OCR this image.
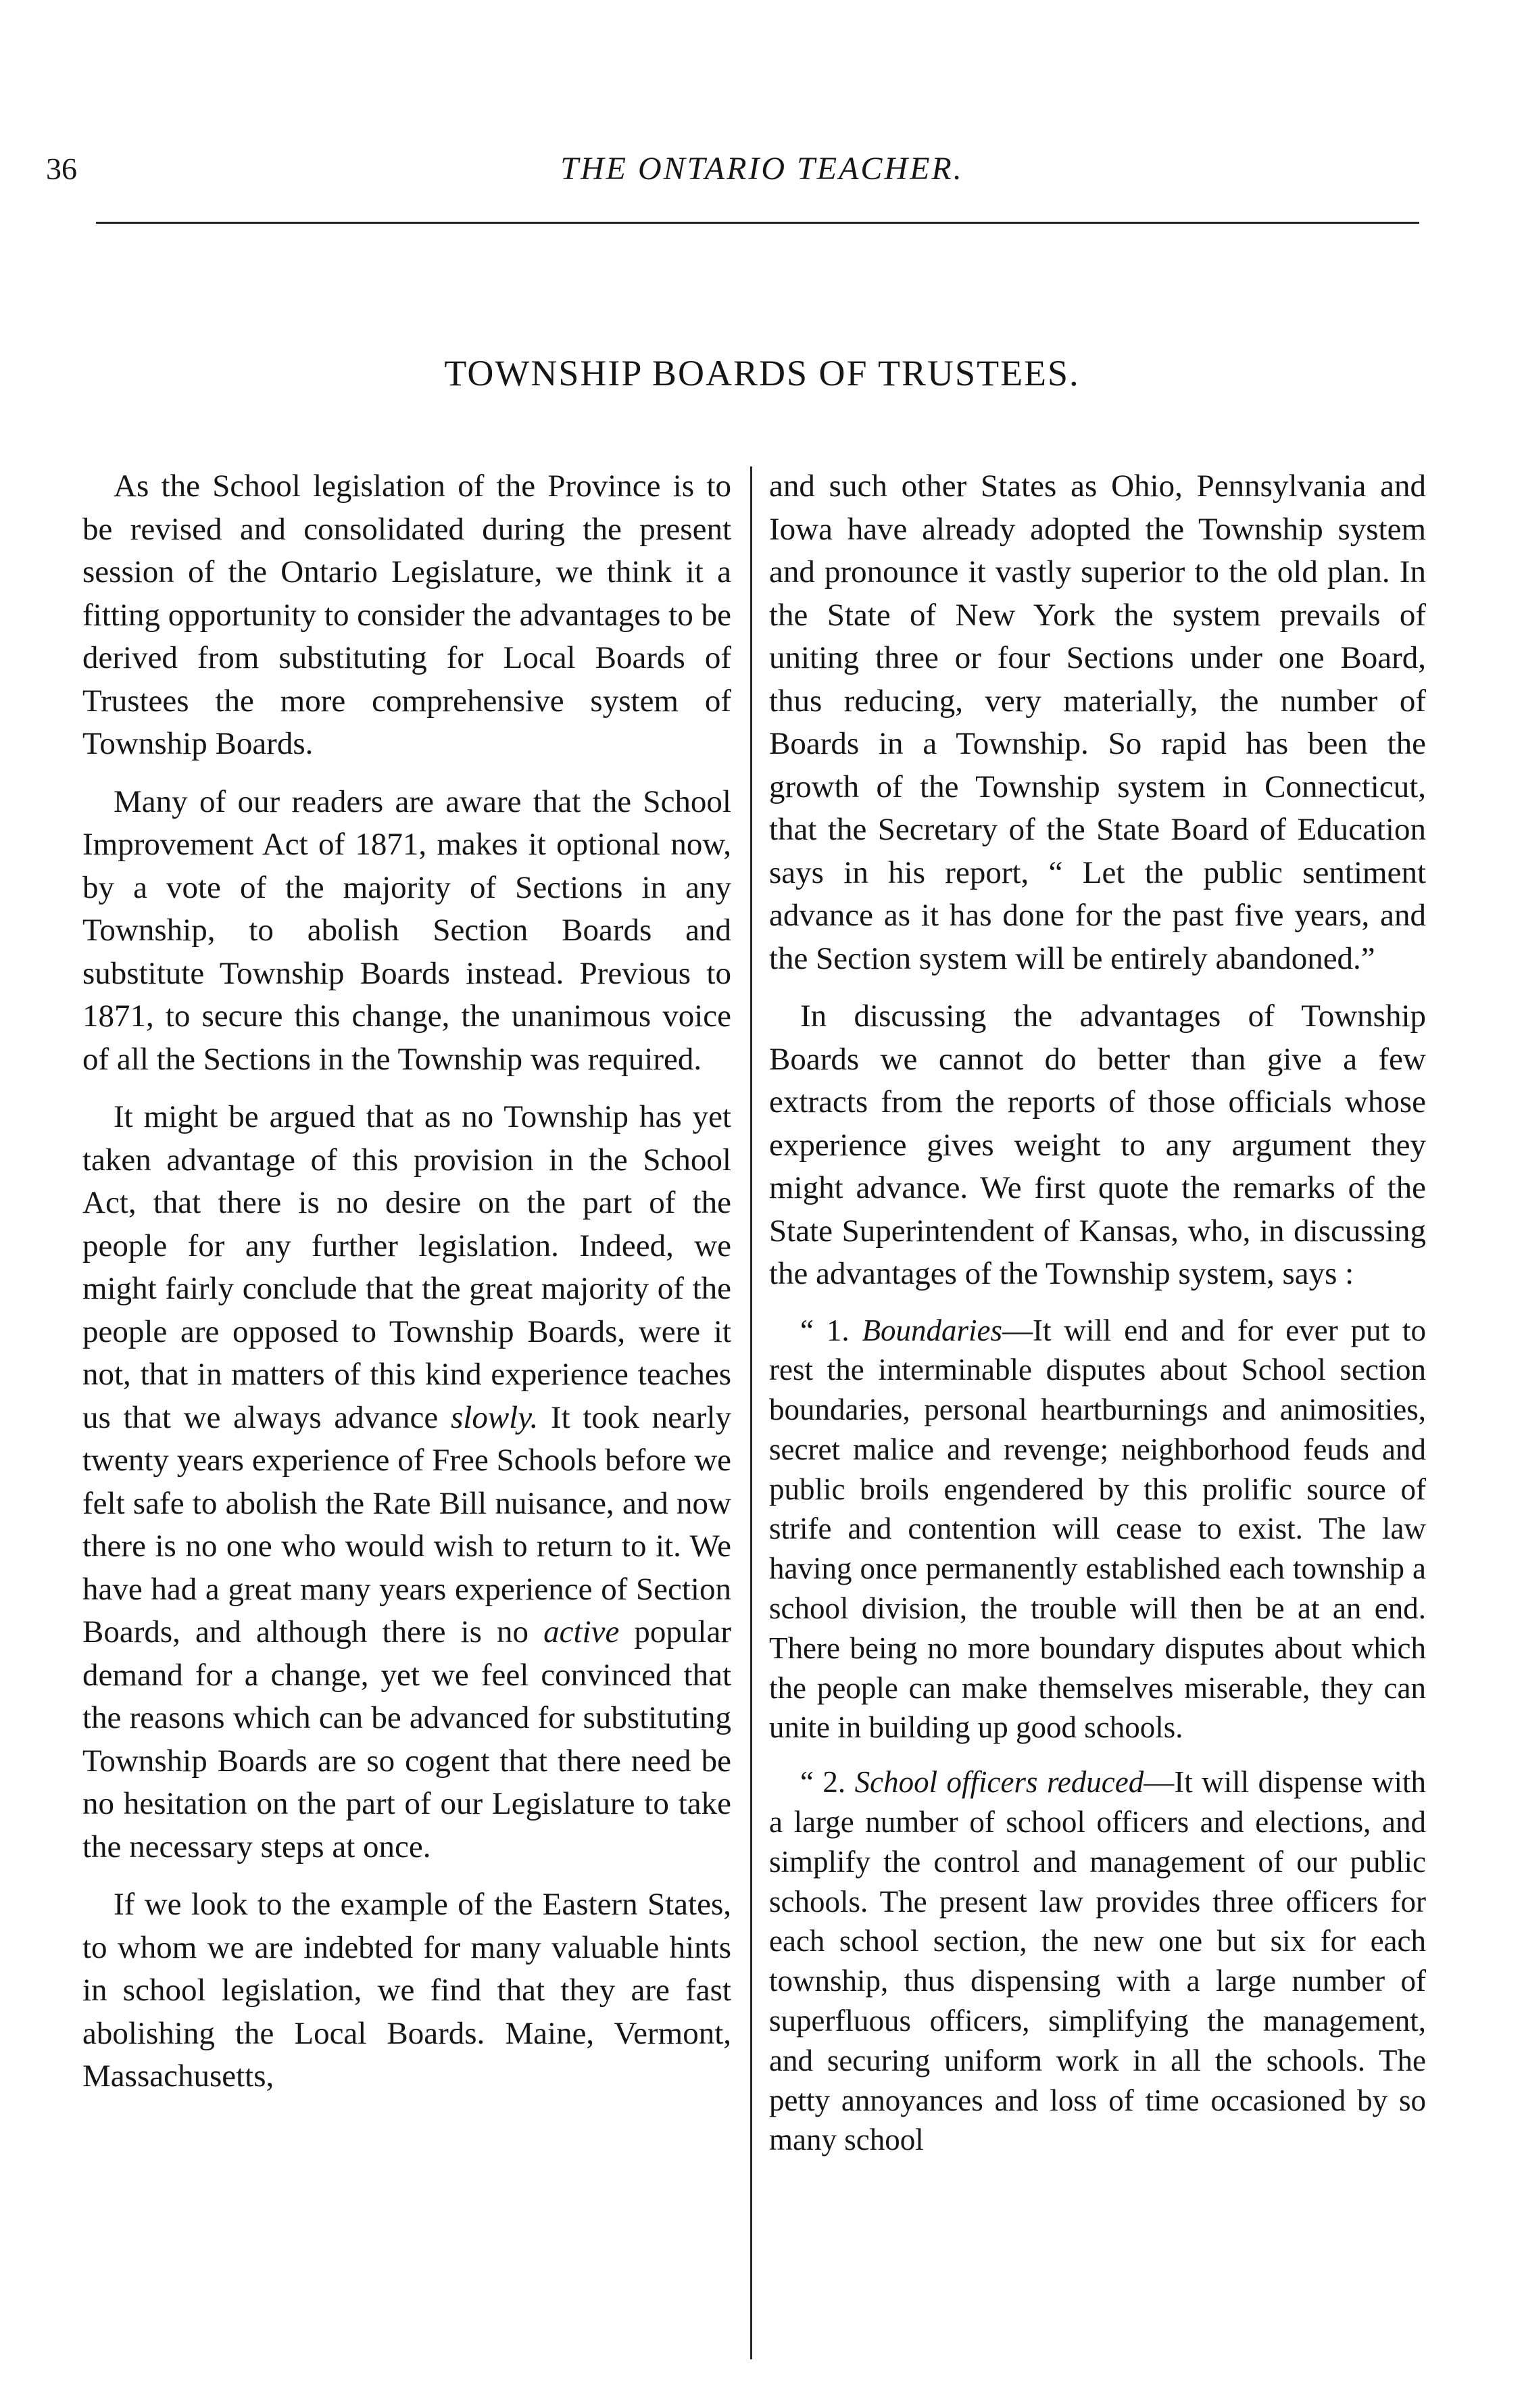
36	THE ONTARIO TEACHER.
TOWNSHIP BOARDS OF TRUSTEES.

As the School legislation of the Province is to be revised and consolidated during the present session of the Ontario Legislature, we think it a fitting opportunity to consider the advantages to be derived from substituting for Local Boards of Trustees the more comprehensive system of Township Boards.

Many of our readers are aware that the School Improvement Act of 1871, makes it optional now, by a vote of the majority of Sections in any Township, to abolish Section Boards and substitute Township Boards instead. Previous to 1871, to secure this change, the unanimous voice of all the Sections in the Township was required.

It might be argued that as no Township has yet taken advantage of this provision in the School Act, that there is no desire on the part of the people for any further legislation. Indeed, we might fairly conclude that the great majority of the people are opposed to Township Boards, were it not, that in matters of this kind experience teaches us that we always advance slowly. It took nearly twenty years experience of Free Schools before we felt safe to abolish the Rate Bill nuisance, and now there is no one who would wish to return to it. We have had a great many years experience of Section Boards, and although there is no active popular demand for a change, yet we feel convinced that the reasons which can be advanced for substituting Township Boards are so cogent that there need be no hesitation on the part of our Legislature to take the necessary steps at once.

If we look to the example of the Eastern States, to whom we are indebted for many valuable hints in school legislation, we find that they are fast abolishing the Local Boards. Maine, Vermont, Massachusetts,

and such other States as Ohio, Pennsylvania and Iowa have already adopted the Township system and pronounce it vastly superior to the old plan. In the State of New York the system prevails of uniting three or four Sections under one Board, thus reducing, very materially, the number of Boards in a Township. So rapid has been the growth of the Township system in Connecticut, that the Secretary of the State Board of Education says in his report, “ Let the public sentiment advance as it has done for the past five years, and the Section system will be entirely abandoned.”

In discussing the advantages of Township Boards we cannot do better than give a few extracts from the reports of those officials whose experience gives weight to any argument they might advance. We first quote the remarks of the State Superintendent of Kansas, who, in discussing the advantages of the Township system, says :

“ 1. Boundaries—It will end and for ever put to rest the interminable disputes about School section boundaries, personal heartburnings and animosities, secret malice and revenge; neighborhood feuds and public broils engendered by this prolific source of strife and contention will cease to exist. The law having once permanently established each township a school division, the trouble will then be at an end. There being no more boundary disputes about which the people can make themselves miserable, they can unite in building up good schools.

“ 2. School officers reduced—It will dispense with a large number of school officers and elections, and simplify the control and management of our public schools. The present law provides three officers for each school section, the new one but six for each township, thus dispensing with a large number of superfluous officers, simplifying the management, and securing uniform work in all the schools. The petty annoyances and loss of time occasioned by so many school
